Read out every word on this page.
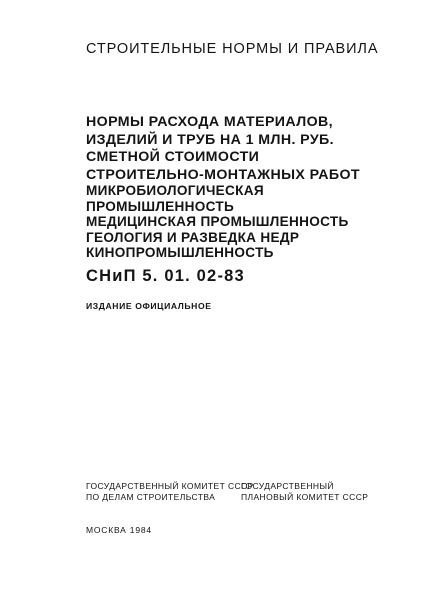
СТРОИТЕЛЬНЫЕ НОРМЫ И ПРАВИЛА
НОРМЫ РАСХОДА МАТЕРИАЛОВ,
ИЗДЕЛИЙ И ТРУБ НА 1 МЛН. РУБ.
СМЕТНОЙ СТОИМОСТИ
СТРОИТЕЛЬНО-МОНТАЖНЫХ РАБОТ
МИКРОБИОЛОГИЧЕСКАЯ
ПРОМЫШЛЕННОСТЬ
МЕДИЦИНСКАЯ ПРОМЫШЛЕННОСТЬ
ГЕОЛОГИЯ И РАЗВЕДКА НЕДР
КИНОПРОМЫШЛЕННОСТЬ
СНиП 5. 01. 02-83
ИЗДАНИЕ ОФИЦИАЛЬНОЕ
ГОСУДАРСТВЕННЫЙ КОМИТЕТ СССР
ПО ДЕЛАМ СТРОИТЕЛЬСТВА
ГОСУДАРСТВЕННЫЙ
ПЛАНОВЫЙ КОМИТЕТ СССР
МОСКВА 1984
